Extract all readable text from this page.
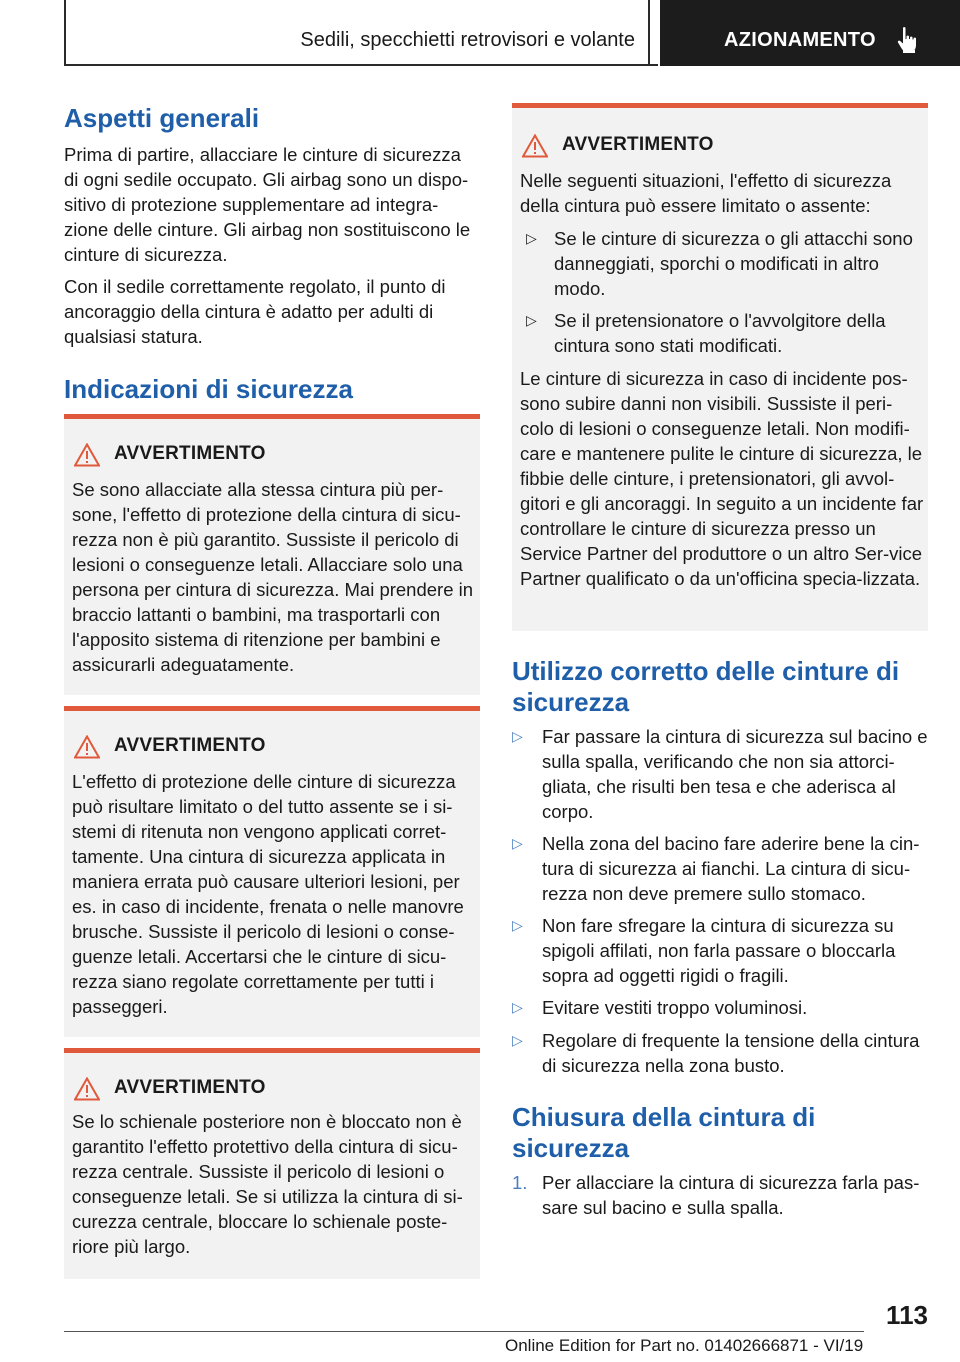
Sedili, specchietti retrovisori e volante	AZIONAMENTO
Aspetti generali

Prima di partire, allacciare le cinture di sicurezza di ogni sedile occupato. Gli airbag sono un dispo-sitivo di protezione supplementare ad integra-zione delle cinture. Gli airbag non sostituiscono le cinture di sicurezza.

Con il sedile correttamente regolato, il punto di ancoraggio della cintura è adatto per adulti di qualsiasi statura.

Indicazioni di sicurezza
AVVERTIMENTO
Se sono allacciate alla stessa cintura più per-sone, l'effetto di protezione della cintura di sicu-rezza non è più garantito. Sussiste il pericolo di lesioni o conseguenze letali. Allacciare solo una persona per cintura di sicurezza. Mai prendere in braccio lattanti o bambini, ma trasportarli con l'apposito sistema di ritenzione per bambini e assicurarli adeguatamente.
AVVERTIMENTO
L'effetto di protezione delle cinture di sicurezza può risultare limitato o del tutto assente se i si-stemi di ritenuta non vengono applicati corret-tamente. Una cintura di sicurezza applicata in maniera errata può causare ulteriori lesioni, per es. in caso di incidente, frenata o nelle manovre brusche. Sussiste il pericolo di lesioni o conse-guenze letali. Accertarsi che le cinture di sicu-rezza siano regolate correttamente per tutti i passeggeri.
AVVERTIMENTO
Se lo schienale posteriore non è bloccato non è garantito l'effetto protettivo della cintura di sicu-rezza centrale. Sussiste il pericolo di lesioni o conseguenze letali. Se si utilizza la cintura di si-curezza centrale, bloccare lo schienale poste-riore più largo.
AVVERTIMENTO
Nelle seguenti situazioni, l'effetto di sicurezza della cintura può essere limitato o assente:
▷ Se le cinture di sicurezza o gli attacchi sono danneggiati, sporchi o modificati in altro modo.
▷ Se il pretensionatore o l'avvolgitore della cintura sono stati modificati.
Le cinture di sicurezza in caso di incidente pos-sono subire danni non visibili. Sussiste il peri-colo di lesioni o conseguenze letali. Non modifi-care e mantenere pulite le cinture di sicurezza, le fibbie delle cinture, i pretensionatori, gli avvol-gitori e gli ancoraggi. In seguito a un incidente far controllare le cinture di sicurezza presso un Service Partner del produttore o un altro Ser-vice Partner qualificato o da un'officina specia-lizzata.
Utilizzo corretto delle cinture di sicurezza
▷ Far passare la cintura di sicurezza sul bacino e sulla spalla, verificando che non sia attorci-gliata, che risulti ben tesa e che aderisca al corpo.
▷ Nella zona del bacino fare aderire bene la cin-tura di sicurezza ai fianchi. La cintura di sicu-rezza non deve premere sullo stomaco.
▷ Non fare sfregare la cintura di sicurezza su spigoli affilati, non farla passare o bloccarla sopra ad oggetti rigidi o fragili.
▷ Evitare vestiti troppo voluminosi.
▷ Regolare di frequente la tensione della cintura di sicurezza nella zona busto.
Chiusura della cintura di sicurezza
1. Per allacciare la cintura di sicurezza farla pas-sare sul bacino e sulla spalla.
113
Online Edition for Part no. 01402666871 - VI/19
